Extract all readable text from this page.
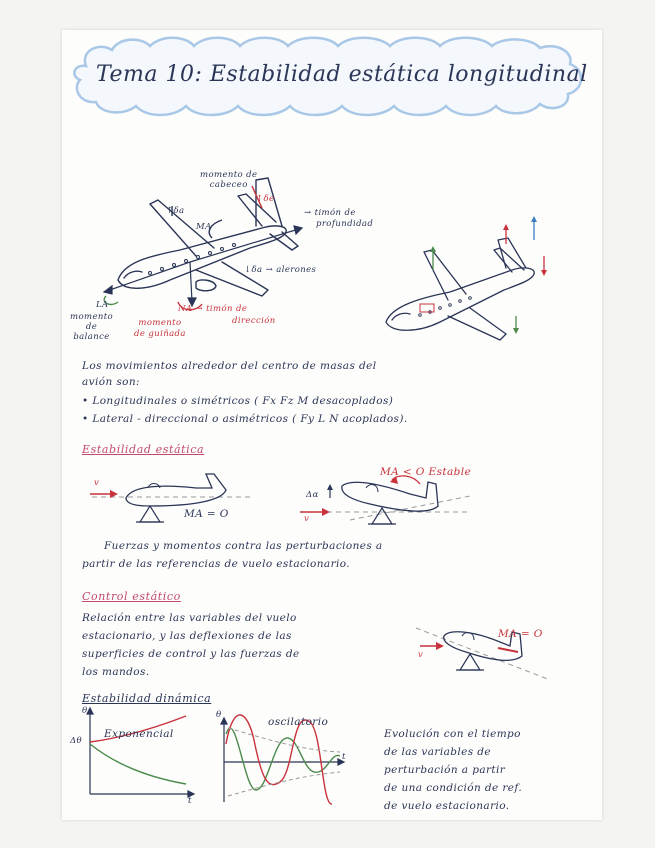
Tema 10: Estabilidad estática longitudinal
momento de
cabeceo
↑δa
↑δe
MA
→ timón de
profundidad
↓δa → alerones
LA
momento
de
balance
NA → timón de
dirección
momento
de guiñada
Los movimientos alrededor del centro de masas del
avión son:
• Longitudinales o simétricos ( Fx Fz M desacoplados)
• Lateral - direccional o asimétricos ( Fy L N acoplados).
Estabilidad estática
v
MA = O
MA < O Estable
Δα
v
Fuerzas y momentos contra las perturbaciones a
partir de las referencias de vuelo estacionario.
Control estático
Relación entre las variables del vuelo
estacionario, y las deflexiones de las
superficies de control y las fuerzas de
los mandos.
MA = O
v
Estabilidad dinámica
θ
Δθ
t
Exponencial
θ
t
oscilatorio
Evolución con el tiempo
de las variables de
perturbación a partir
de una condición de ref.
de vuelo estacionario.
